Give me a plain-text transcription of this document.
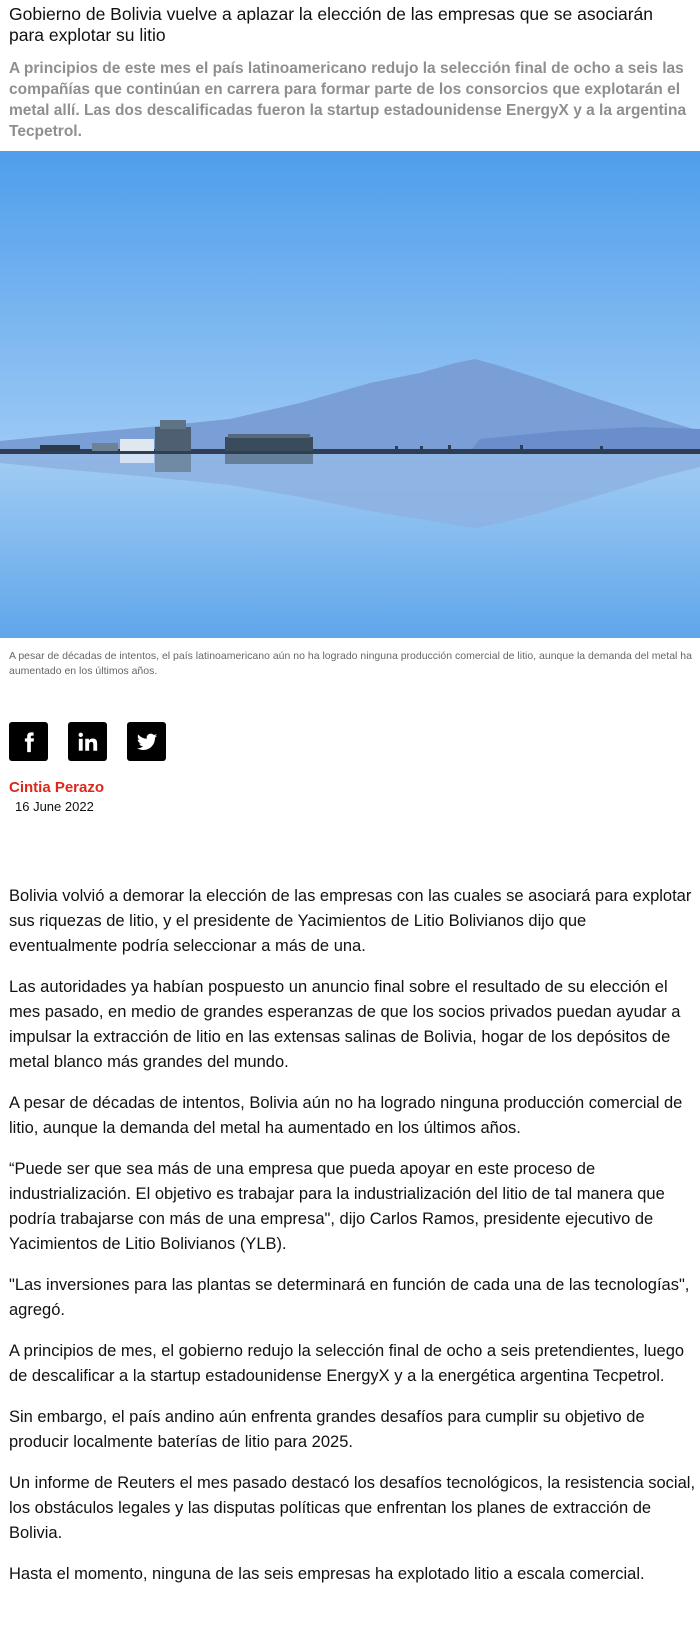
Gobierno de Bolivia vuelve a aplazar la elección de las empresas que se asociarán para explotar su litio

A principios de este mes el país latinoamericano redujo la selección final de ocho a seis las compañías que continúan en carrera para formar parte de los consorcios que explotarán el metal allí. Las dos descalificadas fueron la startup estadounidense EnergyX y a la argentina Tecpetrol.

A pesar de décadas de intentos, el país latinoamericano aún no ha logrado ninguna producción comercial de litio, aunque la demanda del metal ha aumentado en los últimos años.

Cintia Perazo
16 June 2022

Bolivia volvió a demorar la elección de las empresas con las cuales se asociará para explotar sus riquezas de litio, y el presidente de Yacimientos de Litio Bolivianos dijo que eventualmente podría seleccionar a más de una.

Las autoridades ya habían pospuesto un anuncio final sobre el resultado de su elección el mes pasado, en medio de grandes esperanzas de que los socios privados puedan ayudar a impulsar la extracción de litio en las extensas salinas de Bolivia, hogar de los depósitos de metal blanco más grandes del mundo.

A pesar de décadas de intentos, Bolivia aún no ha logrado ninguna producción comercial de litio, aunque la demanda del metal ha aumentado en los últimos años.

“Puede ser que sea más de una empresa que pueda apoyar en este proceso de industrialización. El objetivo es trabajar para la industrialización del litio de tal manera que podría trabajarse con más de una empresa", dijo Carlos Ramos, presidente ejecutivo de Yacimientos de Litio Bolivianos (YLB).

"Las inversiones para las plantas se determinará en función de cada una de las tecnologías", agregó.

A principios de mes, el gobierno redujo la selección final de ocho a seis pretendientes, luego de descalificar a la startup estadounidense EnergyX y a la energética argentina Tecpetrol.

Sin embargo, el país andino aún enfrenta grandes desafíos para cumplir su objetivo de producir localmente baterías de litio para 2025.

Un informe de Reuters el mes pasado destacó los desafíos tecnológicos, la resistencia social, los obstáculos legales y las disputas políticas que enfrentan los planes de extracción de Bolivia.

Hasta el momento, ninguna de las seis empresas ha explotado litio a escala comercial.
